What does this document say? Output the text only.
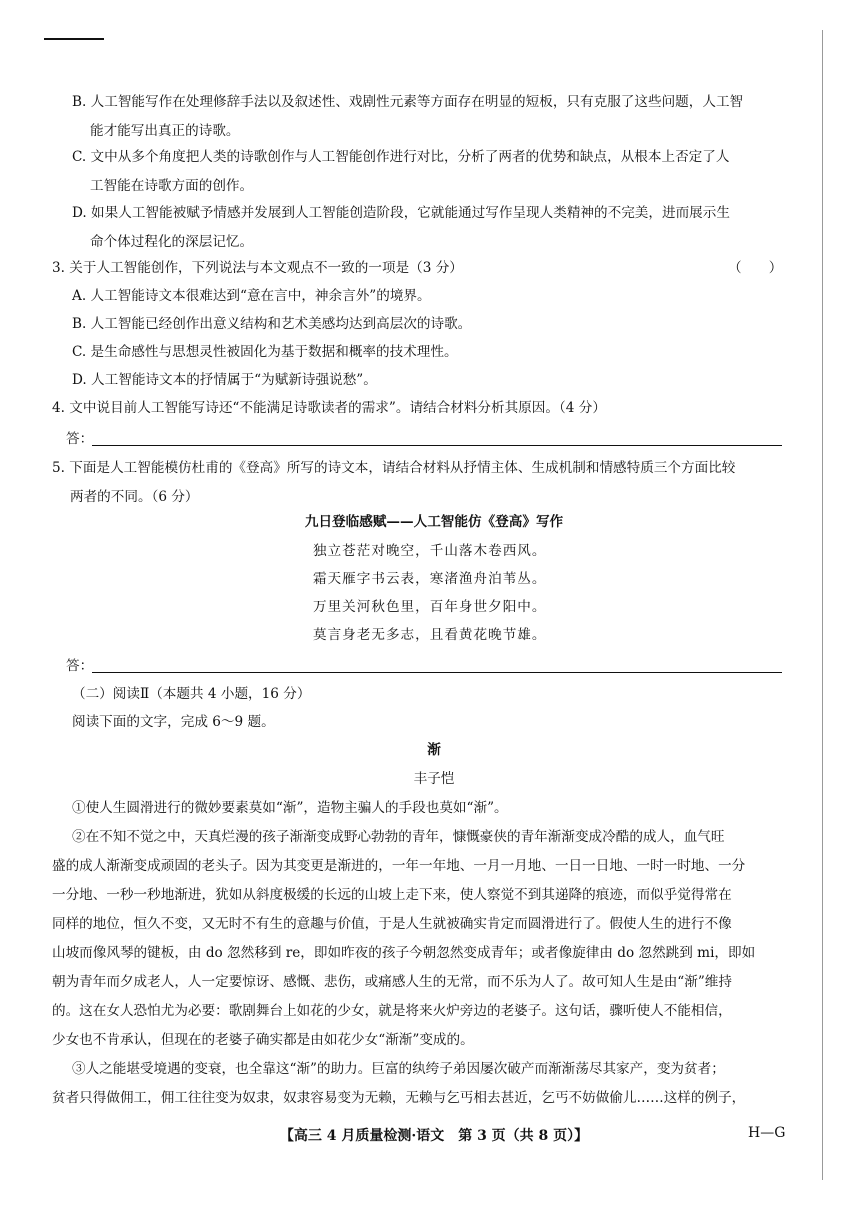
B. 人工智能写作在处理修辞手法以及叙述性、戏剧性元素等方面存在明显的短板，只有克服了这些问题，人工智
能才能写出真正的诗歌。
C. 文中从多个角度把人类的诗歌创作与人工智能创作进行对比，分析了两者的优势和缺点，从根本上否定了人
工智能在诗歌方面的创作。
D. 如果人工智能被赋予情感并发展到人工智能创造阶段，它就能通过写作呈现人类精神的不完美，进而展示生
命个体过程化的深层记忆。
3. 关于人工智能创作，下列说法与本文观点不一致的一项是（3 分）	（　　）
A. 人工智能诗文本很难达到“意在言中，神余言外”的境界。
B. 人工智能已经创作出意义结构和艺术美感均达到高层次的诗歌。
C. 是生命感性与思想灵性被固化为基于数据和概率的技术理性。
D. 人工智能诗文本的抒情属于“为赋新诗强说愁”。
4. 文中说目前人工智能写诗还“不能满足诗歌读者的需求”。请结合材料分析其原因。（4 分）
答：
5. 下面是人工智能模仿杜甫的《登高》所写的诗文本，请结合材料从抒情主体、生成机制和情感特质三个方面比较
两者的不同。（6 分）
九日登临感赋——人工智能仿《登高》写作
独立苍茫对晚空，千山落木卷西风。
霜天雁字书云表，寒渚渔舟泊苇丛。
万里关河秋色里，百年身世夕阳中。
莫言身老无多志，且看黄花晚节雄。
答：
（二）阅读Ⅱ（本题共 4 小题，16 分）
阅读下面的文字，完成 6～9 题。
渐
丰子恺
①使人生圆滑进行的微妙要素莫如“渐”，造物主骗人的手段也莫如“渐”。
②在不知不觉之中，天真烂漫的孩子渐渐变成野心勃勃的青年，慷慨豪侠的青年渐渐变成冷酷的成人，血气旺
盛的成人渐渐变成顽固的老头子。因为其变更是渐进的，一年一年地、一月一月地、一日一日地、一时一时地、一分
一分地、一秒一秒地渐进，犹如从斜度极缓的长远的山坡上走下来，使人察觉不到其递降的痕迹，而似乎觉得常在
同样的地位，恒久不变，又无时不有生的意趣与价值，于是人生就被确实肯定而圆滑进行了。假使人生的进行不像
山坡而像风琴的键板，由 do 忽然移到 re，即如昨夜的孩子今朝忽然变成青年；或者像旋律由 do 忽然跳到 mi，即如
朝为青年而夕成老人，人一定要惊讶、感慨、悲伤，或痛感人生的无常，而不乐为人了。故可知人生是由“渐”维持
的。这在女人恐怕尤为必要：歌剧舞台上如花的少女，就是将来火炉旁边的老婆子。这句话，骤听使人不能相信，
少女也不肯承认，但现在的老婆子确实都是由如花少女“渐渐”变成的。
③人之能堪受境遇的变衰，也全靠这“渐”的助力。巨富的纨绔子弟因屡次破产而渐渐荡尽其家产，变为贫者；
贫者只得做佣工，佣工往往变为奴隶，奴隶容易变为无赖，无赖与乞丐相去甚近，乞丐不妨做偷儿……这样的例子，
【高三 4 月质量检测·语文　第 3 页（共 8 页）】	H—G
